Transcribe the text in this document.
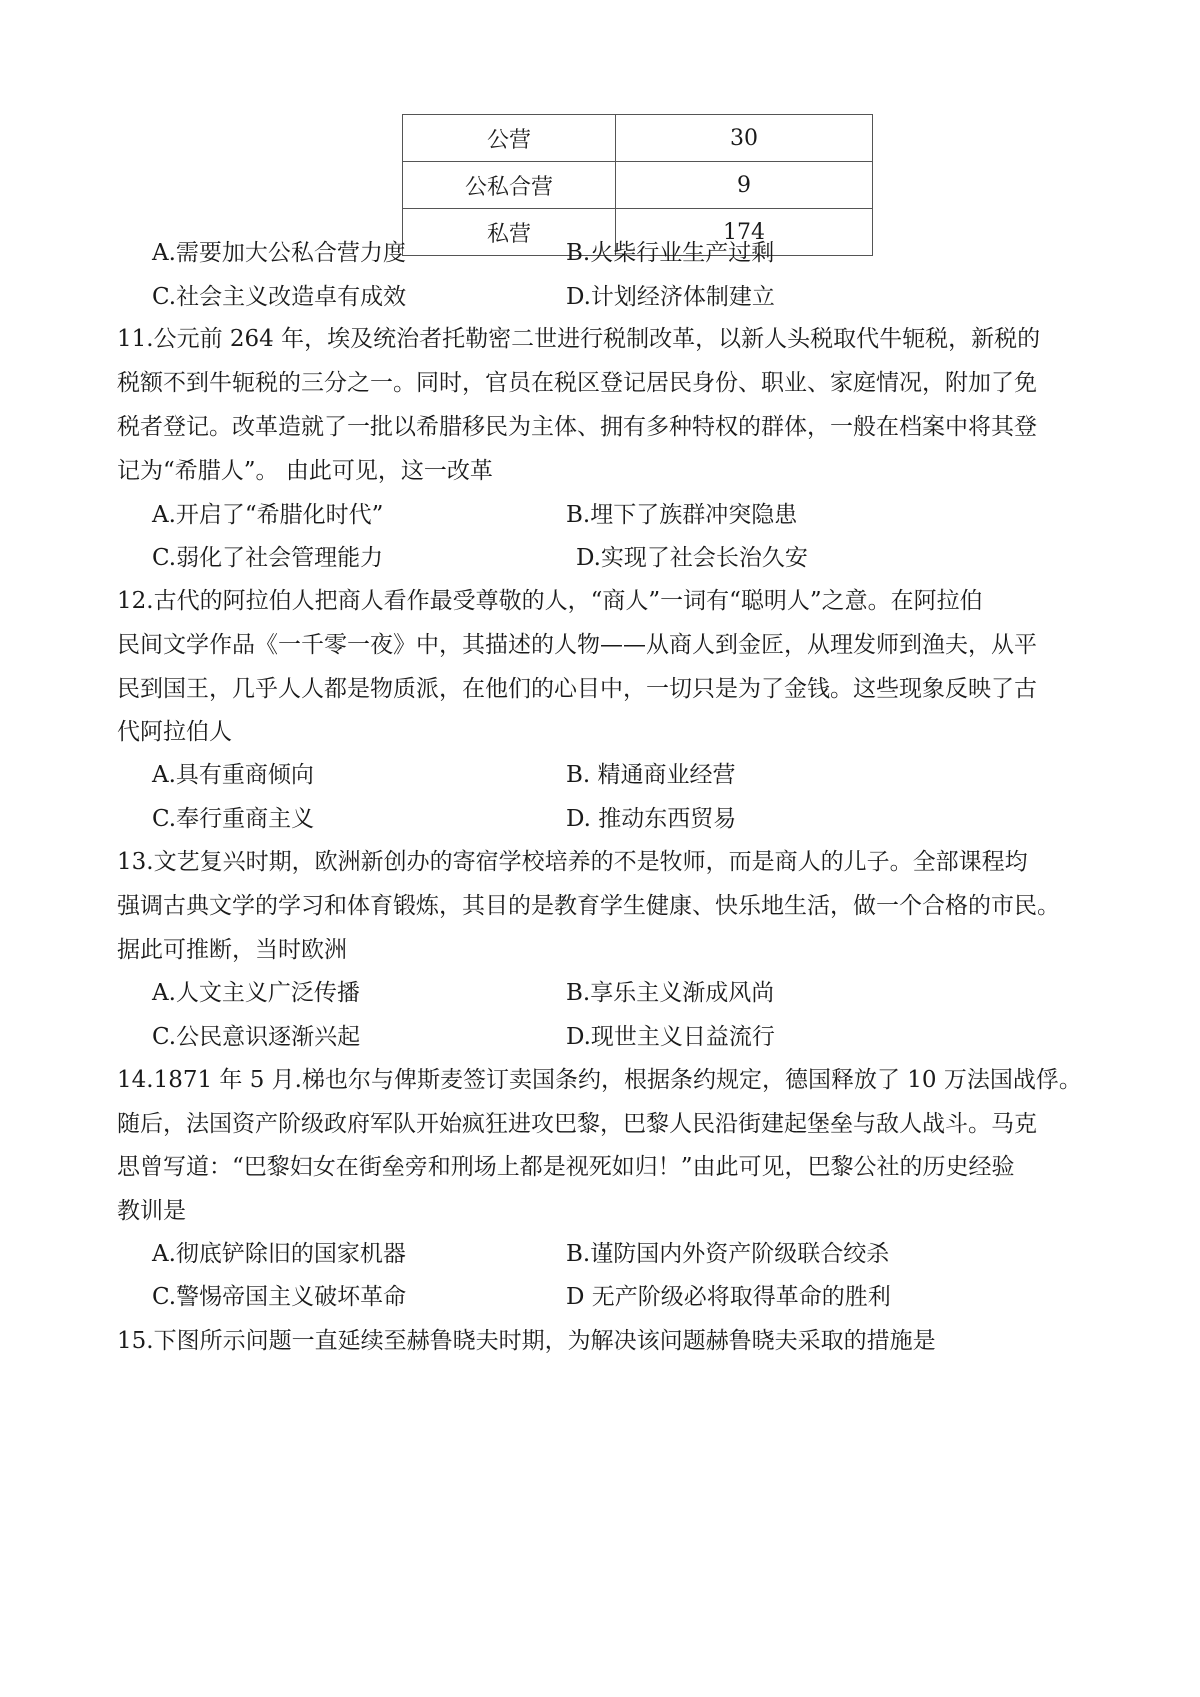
公营	30
公私合营	9
私营	174
A.需要加大公私合营力度	B.火柴行业生产过剩
C.社会主义改造卓有成效	D.计划经济体制建立
11.公元前 264 年，埃及统治者托勒密二世进行税制改革，以新人头税取代牛轭税，新税的
税额不到牛轭税的三分之一。同时，官员在税区登记居民身份、职业、家庭情况，附加了免
税者登记。改革造就了一批以希腊移民为主体、拥有多种特权的群体，一般在档案中将其登
记为“希腊人”。 由此可见，这一改革
A.开启了“希腊化时代”	B.埋下了族群冲突隐患
C.弱化了社会管理能力	D.实现了社会长治久安
12.古代的阿拉伯人把商人看作最受尊敬的人，“商人”一词有“聪明人”之意。在阿拉伯
民间文学作品《一千零一夜》中，其描述的人物——从商人到金匠，从理发师到渔夫，从平
民到国王，几乎人人都是物质派，在他们的心目中，一切只是为了金钱。这些现象反映了古
代阿拉伯人
A.具有重商倾向	B. 精通商业经营
C.奉行重商主义	D. 推动东西贸易
13.文艺复兴时期，欧洲新创办的寄宿学校培养的不是牧师，而是商人的儿子。全部课程均
强调古典文学的学习和体育锻炼，其目的是教育学生健康、快乐地生活，做一个合格的市民。
据此可推断，当时欧洲
A.人文主义广泛传播	B.享乐主义渐成风尚
C.公民意识逐渐兴起	D.现世主义日益流行
14.1871 年 5 月.梯也尔与俾斯麦签订卖国条约，根据条约规定，德国释放了 10 万法国战俘。
随后，法国资产阶级政府军队开始疯狂进攻巴黎，巴黎人民沿街建起堡垒与敌人战斗。马克
思曾写道：“巴黎妇女在街垒旁和刑场上都是视死如归！”由此可见，巴黎公社的历史经验
教训是
A.彻底铲除旧的国家机器	B.谨防国内外资产阶级联合绞杀
C.警惕帝国主义破坏革命	D 无产阶级必将取得革命的胜利
15.下图所示问题一直延续至赫鲁晓夫时期，为解决该问题赫鲁晓夫采取的措施是
